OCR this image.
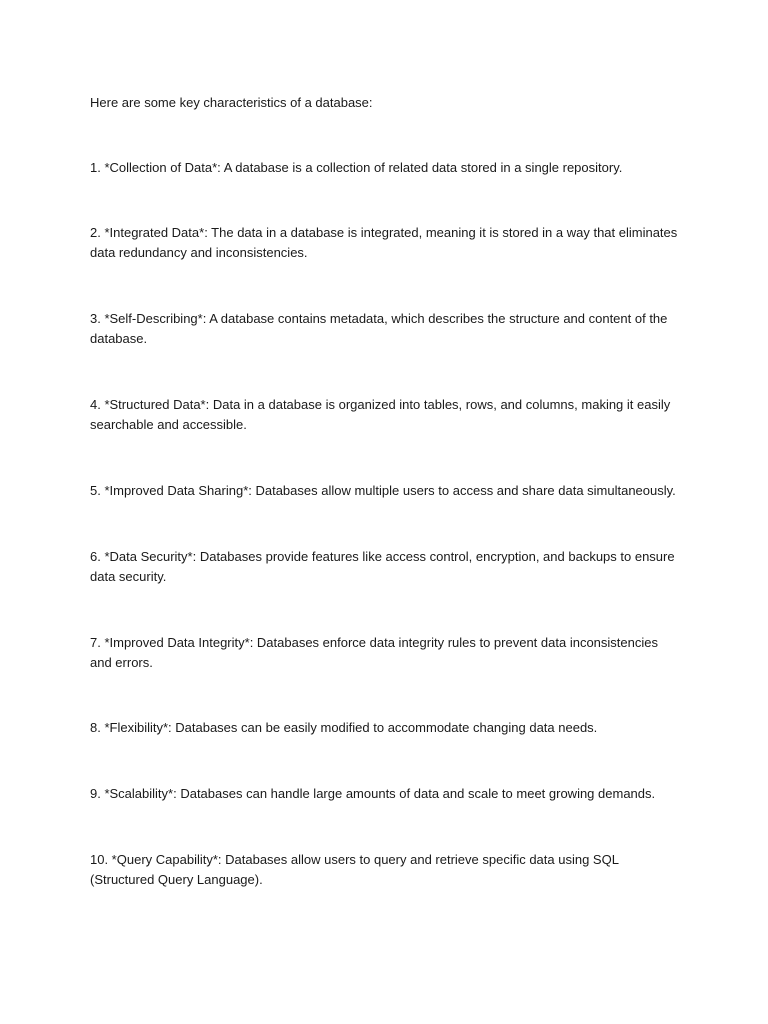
Here are some key characteristics of a database:

1. *Collection of Data*: A database is a collection of related data stored in a single repository.

2. *Integrated Data*: The data in a database is integrated, meaning it is stored in a way that eliminates data redundancy and inconsistencies.

3. *Self-Describing*: A database contains metadata, which describes the structure and content of the database.

4. *Structured Data*: Data in a database is organized into tables, rows, and columns, making it easily searchable and accessible.

5. *Improved Data Sharing*: Databases allow multiple users to access and share data simultaneously.

6. *Data Security*: Databases provide features like access control, encryption, and backups to ensure data security.

7. *Improved Data Integrity*: Databases enforce data integrity rules to prevent data inconsistencies and errors.

8. *Flexibility*: Databases can be easily modified to accommodate changing data needs.

9. *Scalability*: Databases can handle large amounts of data and scale to meet growing demands.

10. *Query Capability*: Databases allow users to query and retrieve specific data using SQL (Structured Query Language).
